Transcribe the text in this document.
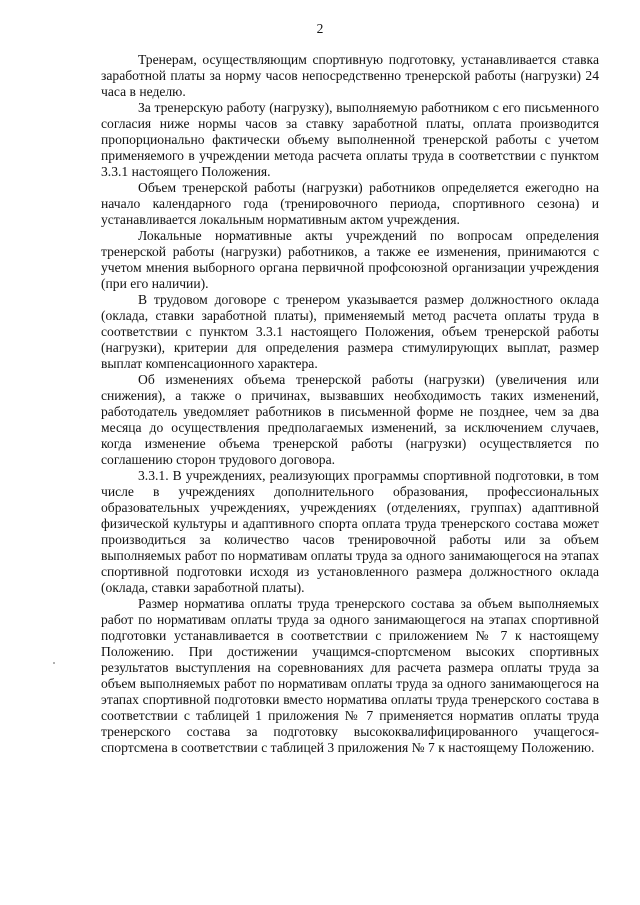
2

Тренерам, осуществляющим спортивную подготовку, устанавливается ставка заработной платы за норму часов непосредственно тренерской работы (нагрузки) 24 часа в неделю.

За тренерскую работу (нагрузку), выполняемую работником с его письменного согласия ниже нормы часов за ставку заработной платы, оплата производится пропорционально фактически объему выполненной тренерской работы с учетом применяемого в учреждении метода расчета оплаты труда в соответствии с пунктом 3.3.1 настоящего Положения.

Объем тренерской работы (нагрузки) работников определяется ежегодно на начало календарного года (тренировочного периода, спортивного сезона) и устанавливается локальным нормативным актом учреждения.

Локальные нормативные акты учреждений по вопросам определения тренерской работы (нагрузки) работников, а также ее изменения, принимаются с учетом мнения выборного органа первичной профсоюзной организации учреждения (при его наличии).

В трудовом договоре с тренером указывается размер должностного оклада (оклада, ставки заработной платы), применяемый метод расчета оплаты труда в соответствии с пунктом 3.3.1 настоящего Положения, объем тренерской работы (нагрузки), критерии для определения размера стимулирующих выплат, размер выплат компенсационного характера.

Об изменениях объема тренерской работы (нагрузки) (увеличения или снижения), а также о причинах, вызвавших необходимость таких изменений, работодатель уведомляет работников в письменной форме не позднее, чем за два месяца до осуществления предполагаемых изменений, за исключением случаев, когда изменение объема тренерской работы (нагрузки) осуществляется по соглашению сторон трудового договора.

3.3.1. В учреждениях, реализующих программы спортивной подготовки, в том числе в учреждениях дополнительного образования, профессиональных образовательных учреждениях, учреждениях (отделениях, группах) адаптивной физической культуры и адаптивного спорта оплата труда тренерского состава может производиться за количество часов тренировочной работы или за объем выполняемых работ по нормативам оплаты труда за одного занимающегося на этапах спортивной подготовки исходя из установленного размера должностного оклада (оклада, ставки заработной платы).

Размер норматива оплаты труда тренерского состава за объем выполняемых работ по нормативам оплаты труда за одного занимающегося на этапах спортивной подготовки устанавливается в соответствии с приложением № 7 к настоящему Положению. При достижении учащимся-спортсменом высоких спортивных результатов выступления на соревнованиях для расчета размера оплаты труда за объем выполняемых работ по нормативам оплаты труда за одного занимающегося на этапах спортивной подготовки вместо норматива оплаты труда тренерского состава в соответствии с таблицей 1 приложения № 7 применяется норматив оплаты труда тренерского состава за подготовку высококвалифицированного учащегося-спортсмена в соответствии с таблицей 3 приложения № 7 к настоящему Положению.
